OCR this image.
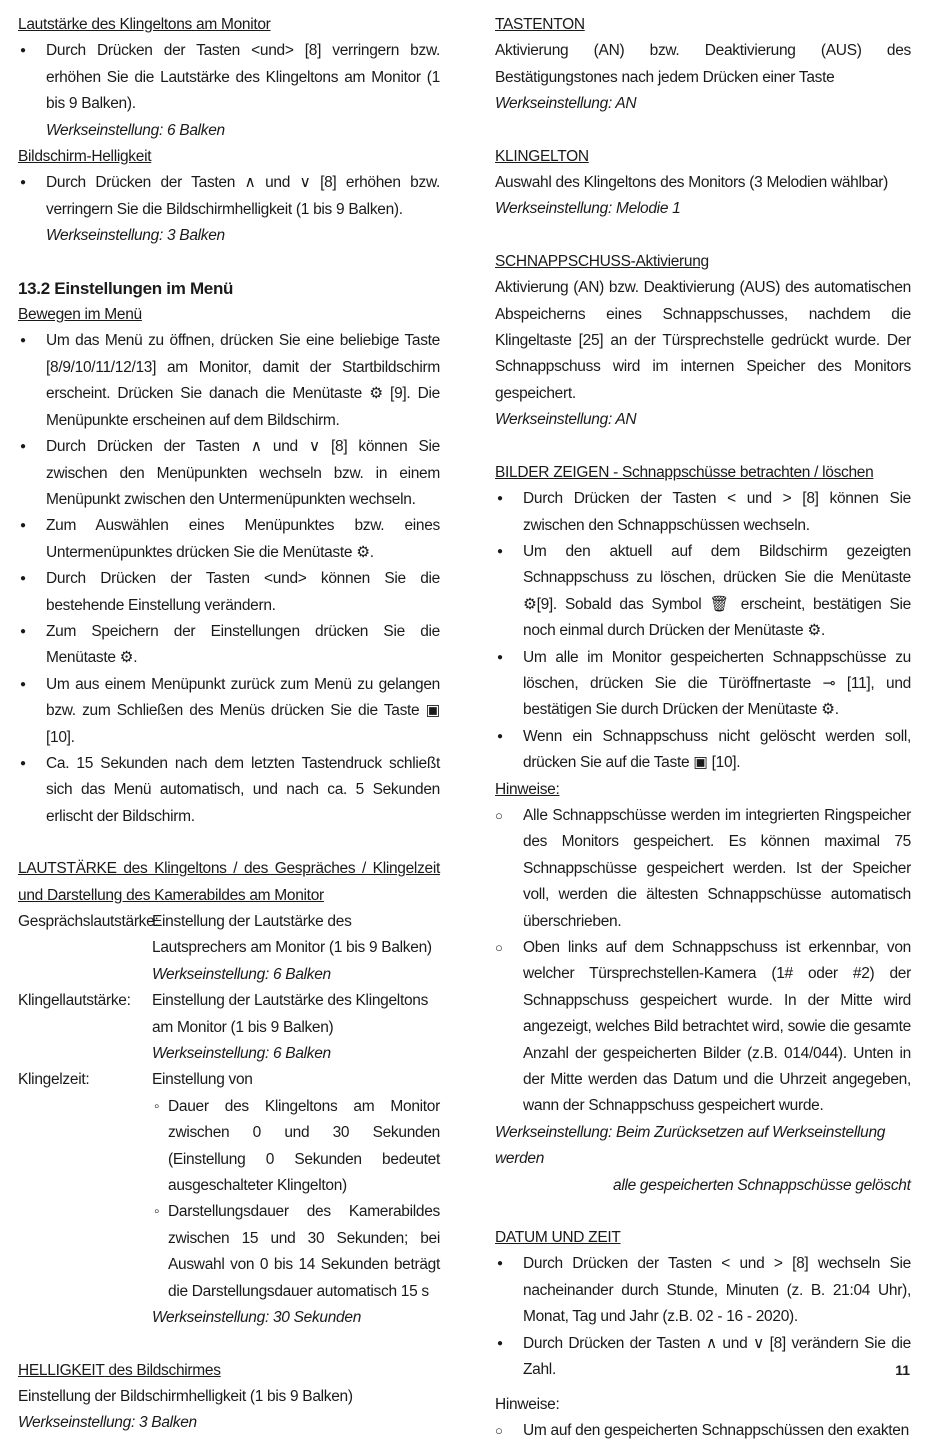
Lautstärke des Klingeltons am Monitor

● Durch Drücken der Tasten <und> [8] verringern bzw. erhöhen Sie die Lautstärke des Klingeltons am Monitor (1 bis 9 Balken).

Werkseinstellung: 6 Balken

Bildschirm-Helligkeit

● Durch Drücken der Tasten ∧ und ∨ [8] erhöhen bzw. verringern Sie die Bildschirmhelligkeit (1 bis 9 Balken).

Werkseinstellung: 3 Balken

13.2 Einstellungen im Menü

Bewegen im Menü

● Um das Menü zu öffnen, drücken Sie eine beliebige Taste [8/9/10/11/12/13] am Monitor, damit der Startbildschirm erscheint. Drücken Sie danach die Menütaste ⚙ [9]. Die Menüpunkte erscheinen auf dem Bildschirm.
● Durch Drücken der Tasten ∧ und ∨ [8] können Sie zwischen den Menüpunkten wechseln bzw. in einem Menüpunkt zwischen den Untermenüpunkten wechseln.
● Zum Auswählen eines Menüpunktes bzw. eines Untermenüpunktes drücken Sie die Menütaste ⚙.
● Durch Drücken der Tasten <und> können Sie die bestehende Einstellung verändern.
● Zum Speichern der Einstellungen drücken Sie die Menütaste ⚙.
● Um aus einem Menüpunkt zurück zum Menü zu gelangen bzw. zum Schließen des Menüs drücken Sie die Taste ▣ [10].
● Ca. 15 Sekunden nach dem letzten Tastendruck schließt sich das Menü automatisch, und nach ca. 5 Sekunden erlischt der Bildschirm.

LAUTSTÄRKE des Klingeltons / des Gespräches / Klingelzeit und Darstellung des Kamerabildes am Monitor

Gesprächslautstärke:
Einstellung der Lautstärke des Lautsprechers am Monitor (1 bis 9 Balken)
Werkseinstellung: 6 Balken
Klingellautstärke:	Einstellung der Lautstärke des Klingeltons am Monitor (1 bis 9 Balken)
Werkseinstellung: 6 Balken
Klingelzeit:	Einstellung von
◦ Dauer des Klingeltons am Monitor zwischen 0 und 30 Sekunden (Einstellung 0 Sekunden bedeutet ausgeschalteter Klingelton)
◦ Darstellungsdauer des Kamerabildes zwischen 15 und 30 Sekunden; bei Auswahl von 0 bis 14 Sekunden beträgt die Darstellungsdauer automatisch 15 s
Werkseinstellung: 30 Sekunden

HELLIGKEIT des Bildschirmes

Einstellung der Bildschirmhelligkeit (1 bis 9 Balken)

Werkseinstellung: 3 Balken

TASTENTON

Aktivierung (AN) bzw. Deaktivierung (AUS) des Bestätigungstones nach jedem Drücken einer Taste

Werkseinstellung: AN

KLINGELTON

Auswahl des Klingeltons des Monitors (3 Melodien wählbar)

Werkseinstellung: Melodie 1

SCHNAPPSCHUSS-Aktivierung

Aktivierung (AN) bzw. Deaktivierung (AUS) des automatischen Abspeicherns eines Schnappschusses, nachdem die Klingeltaste [25] an der Türsprechstelle gedrückt wurde. Der Schnappschuss wird im internen Speicher des Monitors gespeichert.

Werkseinstellung: AN

BILDER ZEIGEN - Schnappschüsse betrachten / löschen

● Durch Drücken der Tasten < und > [8] können Sie zwischen den Schnappschüssen wechseln.
● Um den aktuell auf dem Bildschirm gezeigten Schnappschuss zu löschen, drücken Sie die Menütaste ⚙[9]. Sobald das Symbol 🗑 erscheint, bestätigen Sie noch einmal durch Drücken der Menütaste ⚙.
● Um alle im Monitor gespeicherten Schnappschüsse zu löschen, drücken Sie die Türöffnertaste ⊸ [11], und bestätigen Sie durch Drücken der Menütaste ⚙.
● Wenn ein Schnappschuss nicht gelöscht werden soll, drücken Sie auf die Taste ▣ [10].

Hinweise:

○ Alle Schnappschüsse werden im integrierten Ringspeicher des Monitors gespeichert. Es können maximal 75 Schnappschüsse gespeichert werden. Ist der Speicher voll, werden die ältesten Schnappschüsse automatisch überschrieben.
○ Oben links auf dem Schnappschuss ist erkennbar, von welcher Türsprechstellen-Kamera (1# oder #2) der Schnappschuss gespeichert wurde. In der Mitte wird angezeigt, welches Bild betrachtet wird, sowie die gesamte Anzahl der gespeicherten Bilder (z.B. 014/044). Unten in der Mitte werden das Datum und die Uhrzeit angegeben, wann der Schnappschuss gespeichert wurde.

Werkseinstellung: Beim Zurücksetzen auf Werkseinstellung werden

alle gespeicherten Schnappschüsse gelöscht

DATUM UND ZEIT

● Durch Drücken der Tasten < und > [8] wechseln Sie nacheinander durch Stunde, Minuten (z. B. 21:04 Uhr), Monat, Tag und Jahr (z.B. 02 - 16 - 2020).
● Durch Drücken der Tasten ∧ und ∨ [8] verändern Sie die Zahl.

Hinweise:

○ Um auf den gespeicherten Schnappschüssen den exakten
11
